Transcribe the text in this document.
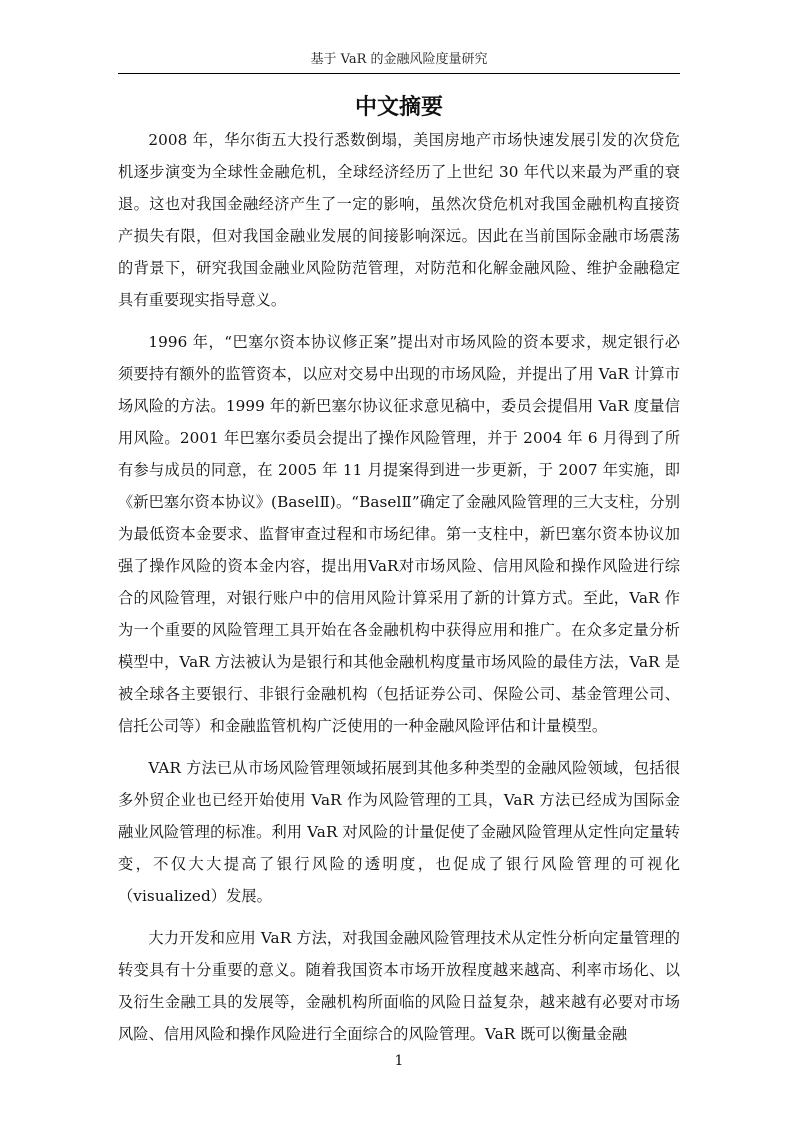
基于 VaR 的金融风险度量研究
中文摘要

2008 年，华尔街五大投行悉数倒塌，美国房地产市场快速发展引发的次贷危机逐步演变为全球性金融危机，全球经济经历了上世纪 30 年代以来最为严重的衰退。这也对我国金融经济产生了一定的影响，虽然次贷危机对我国金融机构直接资产损失有限，但对我国金融业发展的间接影响深远。因此在当前国际金融市场震荡的背景下，研究我国金融业风险防范管理，对防范和化解金融风险、维护金融稳定具有重要现实指导意义。

1996 年，“巴塞尔资本协议修正案”提出对市场风险的资本要求，规定银行必须要持有额外的监管资本，以应对交易中出现的市场风险，并提出了用 VaR 计算市场风险的方法。1999 年的新巴塞尔协议征求意见稿中，委员会提倡用 VaR 度量信用风险。2001 年巴塞尔委员会提出了操作风险管理，并于 2004 年 6 月得到了所有参与成员的同意，在 2005 年 11 月提案得到进一步更新，于 2007 年实施，即《新巴塞尔资本协议》(BaselⅡ)。“BaselⅡ”确定了金融风险管理的三大支柱，分别为最低资本金要求、监督审查过程和市场纪律。第一支柱中，新巴塞尔资本协议加强了操作风险的资本金内容，提出用VaR对市场风险、信用风险和操作风险进行综合的风险管理，对银行账户中的信用风险计算采用了新的计算方式。至此，VaR 作为一个重要的风险管理工具开始在各金融机构中获得应用和推广。在众多定量分析模型中，VaR 方法被认为是银行和其他金融机构度量市场风险的最佳方法，VaR 是被全球各主要银行、非银行金融机构（包括证券公司、保险公司、基金管理公司、信托公司等）和金融监管机构广泛使用的一种金融风险评估和计量模型。

VAR 方法已从市场风险管理领域拓展到其他多种类型的金融风险领域，包括很多外贸企业也已经开始使用 VaR 作为风险管理的工具，VaR 方法已经成为国际金融业风险管理的标准。利用 VaR 对风险的计量促使了金融风险管理从定性向定量转变，不仅大大提高了银行风险的透明度，也促成了银行风险管理的可视化（visualized）发展。

大力开发和应用 VaR 方法，对我国金融风险管理技术从定性分析向定量管理的转变具有十分重要的意义。随着我国资本市场开放程度越来越高、利率市场化、以及衍生金融工具的发展等，金融机构所面临的风险日益复杂，越来越有必要对市场风险、信用风险和操作风险进行全面综合的风险管理。VaR 既可以衡量金融

1
